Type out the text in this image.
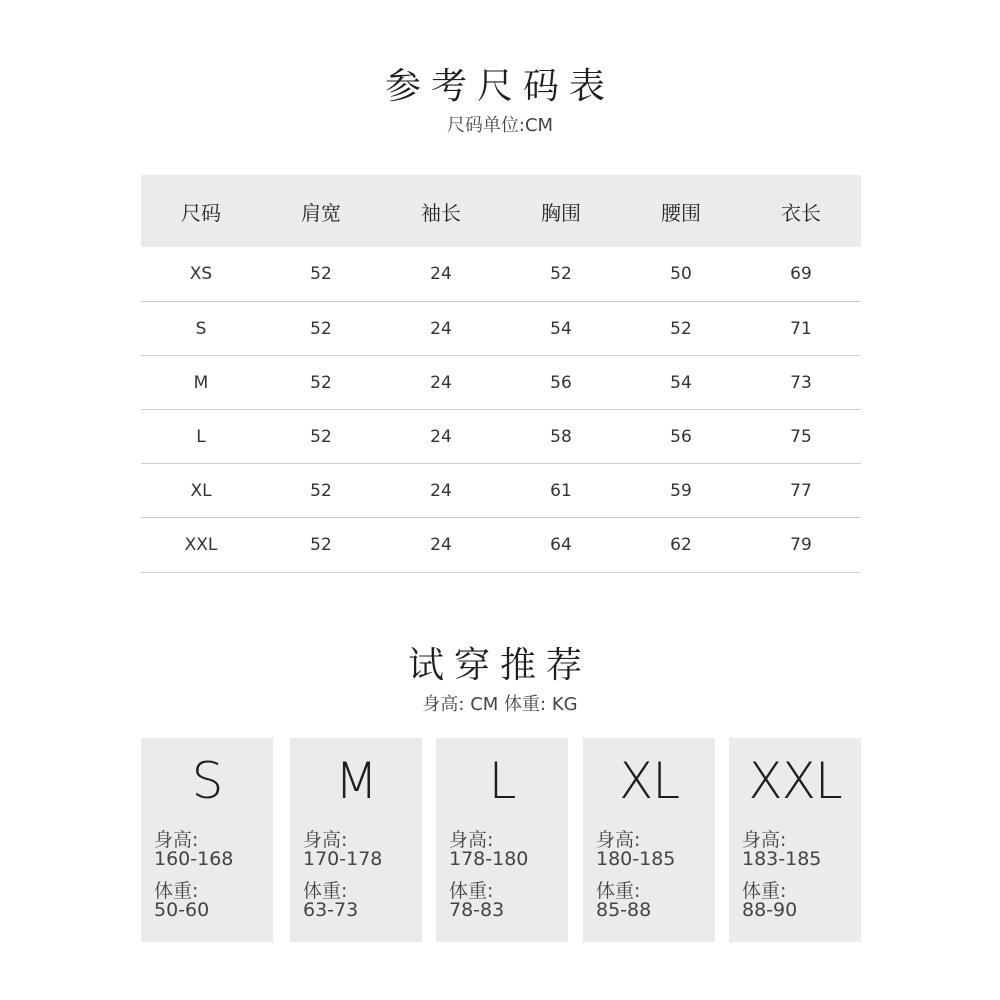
参考尺码表
尺码单位:CM
尺码	肩宽	袖长	胸围	腰围	衣长
XS	52	24	52	50	69
S	52	24	54	52	71
M	52	24	56	54	73
L	52	24	58	56	75
XL	52	24	61	59	77
XXL	52	24	64	62	79
试穿推荐
身高: CM 体重: KG
S
身高:
160-168
体重:
50-60
M
身高:
170-178
体重:
63-73
L
身高:
178-180
体重:
78-83
XL
身高:
180-185
体重:
85-88
XXL
身高:
183-185
体重:
88-90
